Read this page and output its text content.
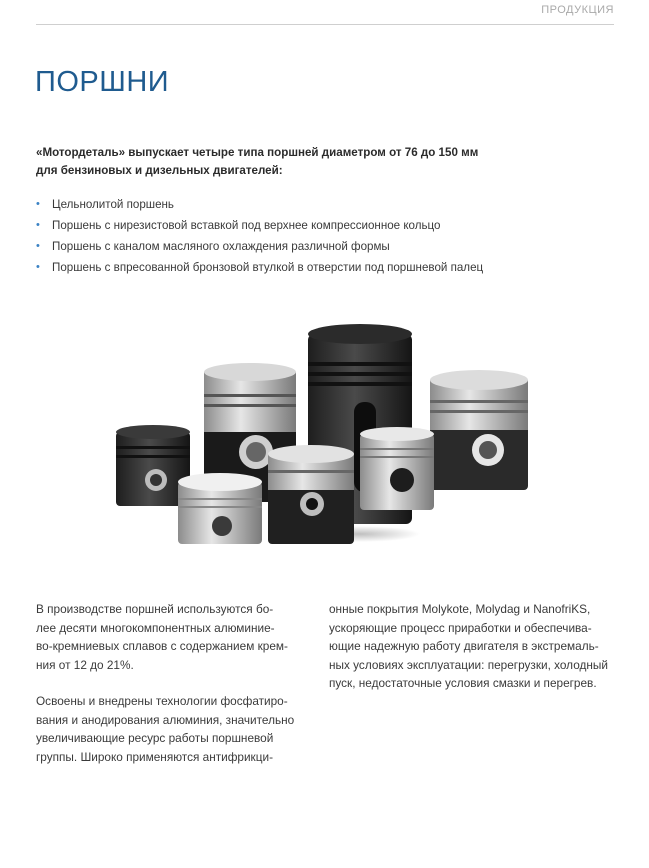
ПРОДУКЦИЯ
ПОРШНИ

«Мотордеталь» выпускает четыре типа поршней диаметром от 76 до 150 мм
для бензиновых и дизельных двигателей:

• Цельнолитой поршень
• Поршень с нирезистовой вставкой под верхнее компрессионное кольцо
• Поршень с каналом масляного охлаждения различной формы
• Поршень с впресованной бронзовой втулкой в отверстии под поршневой палец

В производстве поршней используются бо-
лее десяти многокомпонентных алюминие-
во-кремниевых сплавов с содержанием крем-
ния от 12 до 21%.

Освоены и внедрены технологии фосфатиро-
вания и анодирования алюминия, значительно
увеличивающие ресурс работы поршневой
группы. Широко применяются антифрикци-

онные покрытия Molykote, Molydag и NanofriKS,
ускоряющие процесс приработки и обеспечива-
ющие надежную работу двигателя в экстремаль-
ных условиях эксплуатации: перегрузки, холодный
пуск, недостаточные условия смазки и перегрев.
